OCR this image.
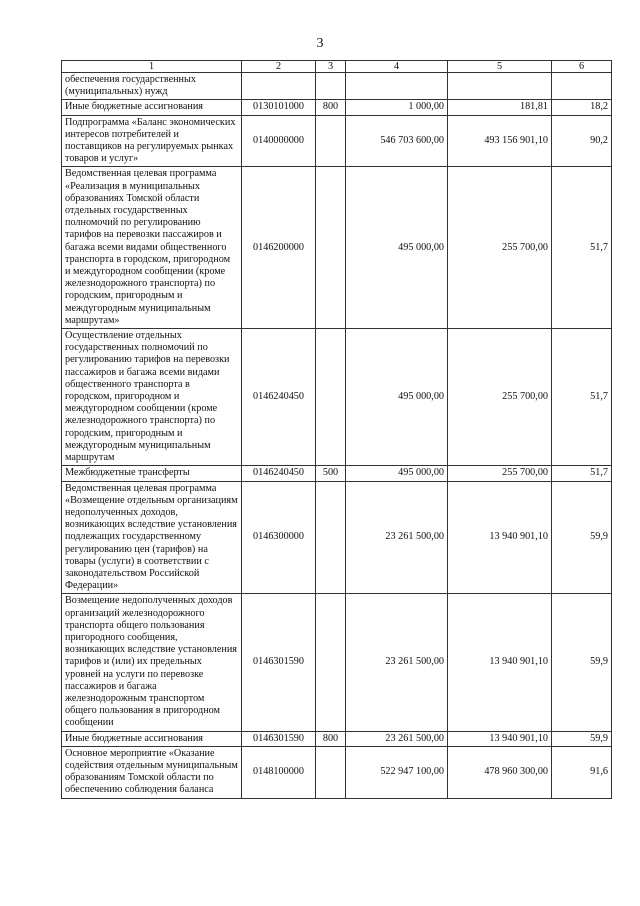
3
1	2	3	4	5	6
обеспечения государственных (муниципальных) нужд					
Иные бюджетные ассигнования	0130101000	800	1 000,00	181,81	18,2
Подпрограмма «Баланс экономических интересов потребителей и поставщиков на регулируемых рынках товаров и услуг»	0140000000		546 703 600,00	493 156 901,10	90,2
Ведомственная целевая программа «Реализация в муниципальных образованиях Томской области отдельных государственных полномочий по регулированию тарифов на перевозки пассажиров и багажа всеми видами общественного транспорта в городском, пригородном и междугородном сообщении (кроме железнодорожного транспорта) по городским, пригородным и междугородным муниципальным маршрутам»	0146200000		495 000,00	255 700,00	51,7
Осуществление отдельных государственных полномочий по регулированию тарифов на перевозки пассажиров и багажа всеми видами общественного транспорта в городском, пригородном и междугородном сообщении (кроме железнодорожного транспорта) по городским, пригородным и междугородным муниципальным маршрутам	0146240450		495 000,00	255 700,00	51,7
Межбюджетные трансферты	0146240450	500	495 000,00	255 700,00	51,7
Ведомственная целевая программа «Возмещение отдельным организациям недополученных доходов, возникающих вследствие установления подлежащих государственному регулированию цен (тарифов) на товары (услуги) в соответствии с законодательством Российской Федерации»	0146300000		23 261 500,00	13 940 901,10	59,9
Возмещение недополученных доходов организаций железнодорожного транспорта общего пользования пригородного сообщения, возникающих вследствие установления тарифов и (или) их предельных уровней на услуги по перевозке пассажиров и багажа железнодорожным транспортом общего пользования в пригородном сообщении	0146301590		23 261 500,00	13 940 901,10	59,9
Иные бюджетные ассигнования	0146301590	800	23 261 500,00	13 940 901,10	59,9
Основное мероприятие «Оказание содействия отдельным муниципальным образованиям Томской области по обеспечению соблюдения баланса	0148100000		522 947 100,00	478 960 300,00	91,6
